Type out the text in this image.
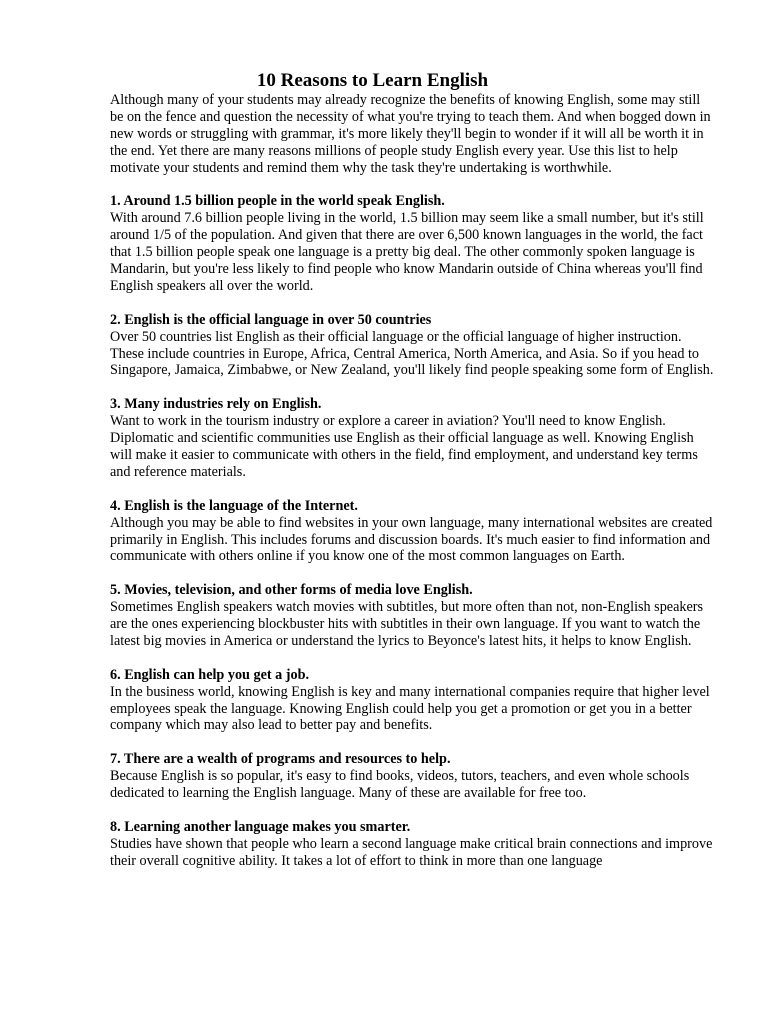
10 Reasons to Learn English

Although many of your students may already recognize the benefits of knowing English, some may still be on the fence and question the necessity of what you're trying to teach them. And when bogged down in new words or struggling with grammar, it's more likely they'll begin to wonder if it will all be worth it in the end. Yet there are many reasons millions of people study English every year. Use this list to help motivate your students and remind them why the task they're undertaking is worthwhile.

1. Around 1.5 billion people in the world speak English.

With around 7.6 billion people living in the world, 1.5 billion may seem like a small number, but it's still around 1/5 of the population. And given that there are over 6,500 known languages in the world, the fact that 1.5 billion people speak one language is a pretty big deal. The other commonly spoken language is Mandarin, but you're less likely to find people who know Mandarin outside of China whereas you'll find English speakers all over the world.

2. English is the official language in over 50 countries

Over 50 countries list English as their official language or the official language of higher instruction. These include countries in Europe, Africa, Central America, North America, and Asia. So if you head to Singapore, Jamaica, Zimbabwe, or New Zealand, you'll likely find people speaking some form of English.

3. Many industries rely on English.

Want to work in the tourism industry or explore a career in aviation? You'll need to know English. Diplomatic and scientific communities use English as their official language as well. Knowing English will make it easier to communicate with others in the field, find employment, and understand key terms and reference materials.

4. English is the language of the Internet.

Although you may be able to find websites in your own language, many international websites are created primarily in English. This includes forums and discussion boards. It's much easier to find information and communicate with others online if you know one of the most common languages on Earth.

5. Movies, television, and other forms of media love English.

Sometimes English speakers watch movies with subtitles, but more often than not, non-English speakers are the ones experiencing blockbuster hits with subtitles in their own language. If you want to watch the latest big movies in America or understand the lyrics to Beyonce's latest hits, it helps to know English.

6. English can help you get a job.

In the business world, knowing English is key and many international companies require that higher level employees speak the language. Knowing English could help you get a promotion or get you in a better company which may also lead to better pay and benefits.

7. There are a wealth of programs and resources to help.

Because English is so popular, it's easy to find books, videos, tutors, teachers, and even whole schools dedicated to learning the English language. Many of these are available for free too.

8. Learning another language makes you smarter.

Studies have shown that people who learn a second language make critical brain connections and improve their overall cognitive ability. It takes a lot of effort to think in more than one language
